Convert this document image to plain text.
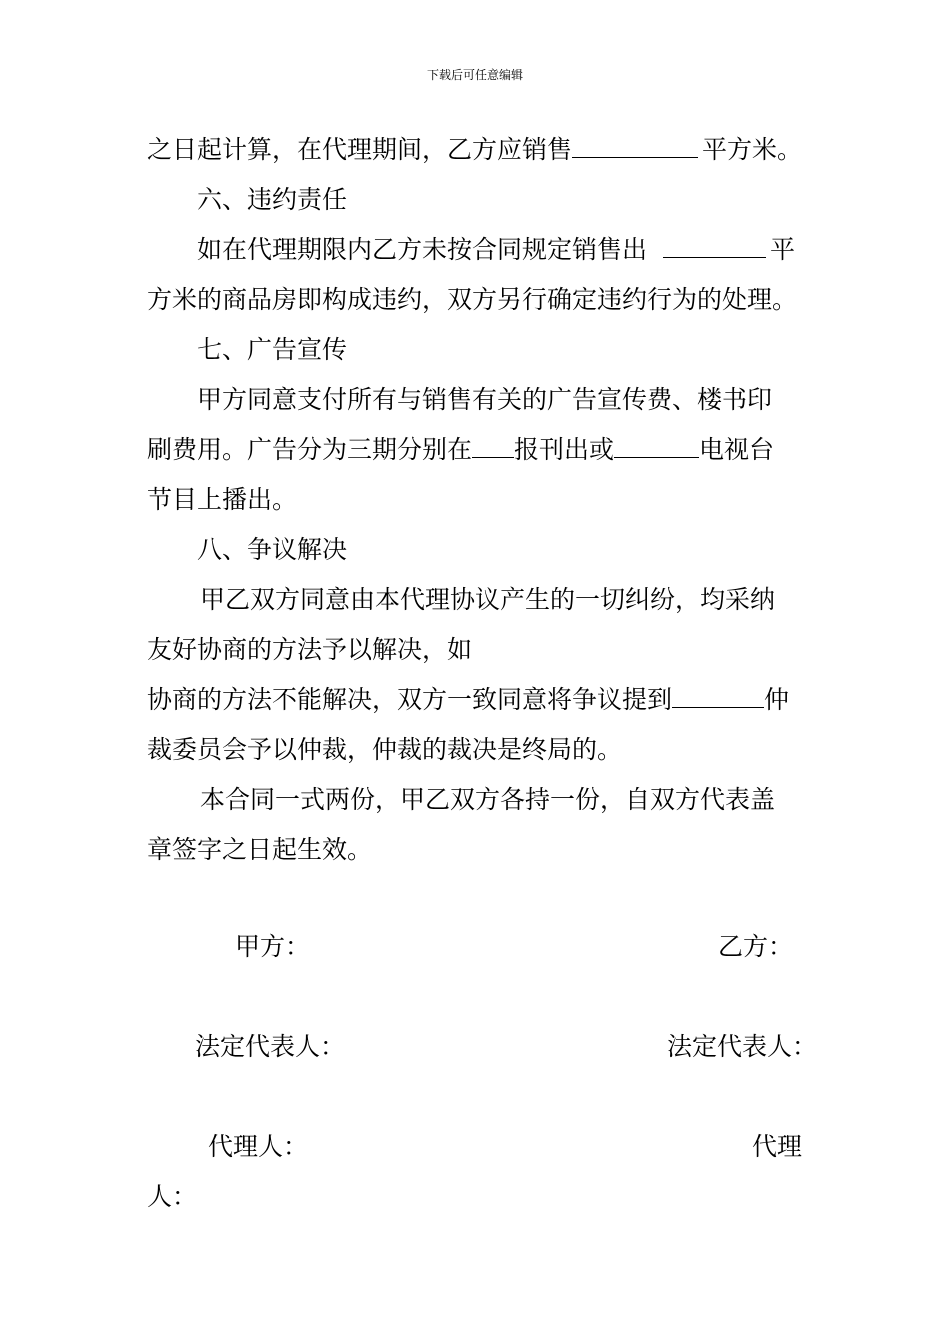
下载后可任意编辑
之日起计算，在代理期间，乙方应销售	平方米。
六、违约责任
如在代理期限内乙方未按合同规定销售出	平
方米的商品房即构成违约，双方另行确定违约行为的处理。
七、广告宣传
甲方同意支付所有与销售有关的广告宣传费、楼书印
刷费用。广告分为三期分别在 报刊出或	电视台
节目上播出。
八、争议解决
甲乙双方同意由本代理协议产生的一切纠纷，均采纳
友好协商的方法予以解决，如
协商的方法不能解决，双方一致同意将争议提到	仲
裁委员会予以仲裁，仲裁的裁决是终局的。
本合同一式两份，甲乙双方各持一份，自双方代表盖
章签字之日起生效。
甲方：	乙方：
法定代表人：	法定代表人：
代理人：	代理
人：
